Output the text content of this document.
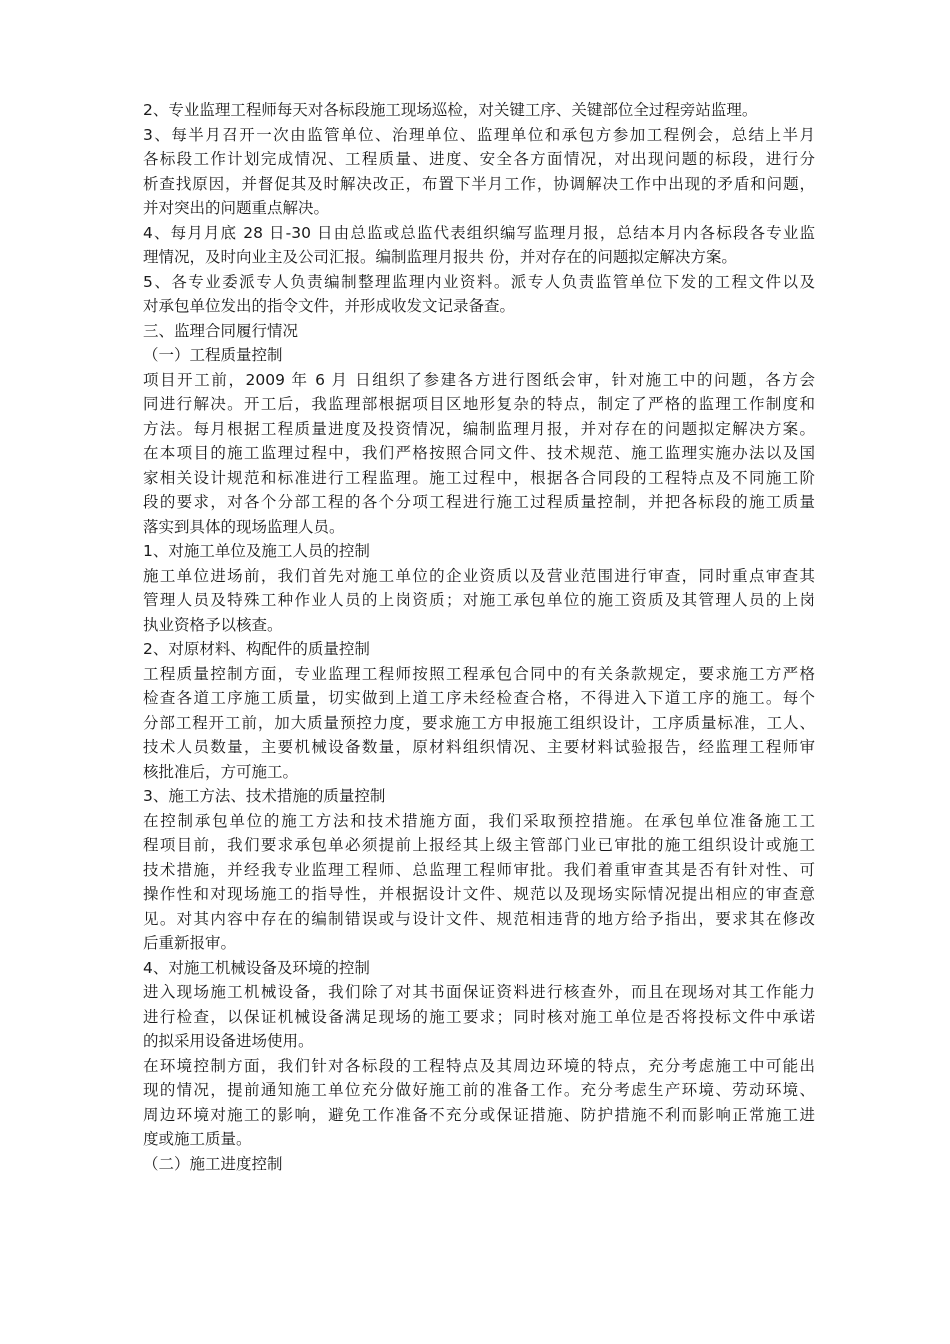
2、专业监理工程师每天对各标段施工现场巡检，对关键工序、关键部位全过程旁站监理。
3、每半月召开一次由监管单位、治理单位、监理单位和承包方参加工程例会，总结上半月
各标段工作计划完成情况、工程质量、进度、安全各方面情况，对出现问题的标段，进行分
析查找原因，并督促其及时解决改正，布置下半月工作，协调解决工作中出现的矛盾和问题，
并对突出的问题重点解决。
4、每月月底 28 日-30 日由总监或总监代表组织编写监理月报，总结本月内各标段各专业监
理情况，及时向业主及公司汇报。编制监理月报共 份，并对存在的问题拟定解决方案。
5、各专业委派专人负责编制整理监理内业资料。派专人负责监管单位下发的工程文件以及
对承包单位发出的指令文件，并形成收发文记录备查。
三、监理合同履行情况
（一）工程质量控制
项目开工前，2009 年 6 月 日组织了参建各方进行图纸会审，针对施工中的问题，各方会
同进行解决。开工后，我监理部根据项目区地形复杂的特点，制定了严格的监理工作制度和
方法。每月根据工程质量进度及投资情况，编制监理月报，并对存在的问题拟定解决方案。
在本项目的施工监理过程中，我们严格按照合同文件、技术规范、施工监理实施办法以及国
家相关设计规范和标准进行工程监理。施工过程中，根据各合同段的工程特点及不同施工阶
段的要求，对各个分部工程的各个分项工程进行施工过程质量控制，并把各标段的施工质量
落实到具体的现场监理人员。
1、对施工单位及施工人员的控制
施工单位进场前，我们首先对施工单位的企业资质以及营业范围进行审查，同时重点审查其
管理人员及特殊工种作业人员的上岗资质；对施工承包单位的施工资质及其管理人员的上岗
执业资格予以核查。
2、对原材料、构配件的质量控制
工程质量控制方面，专业监理工程师按照工程承包合同中的有关条款规定，要求施工方严格
检查各道工序施工质量，切实做到上道工序未经检查合格，不得进入下道工序的施工。每个
分部工程开工前，加大质量预控力度，要求施工方申报施工组织设计，工序质量标准，工人、
技术人员数量，主要机械设备数量，原材料组织情况、主要材料试验报告，经监理工程师审
核批准后，方可施工。
3、施工方法、技术措施的质量控制
在控制承包单位的施工方法和技术措施方面，我们采取预控措施。在承包单位准备施工工
程项目前，我们要求承包单必须提前上报经其上级主管部门业已审批的施工组织设计或施工
技术措施，并经我专业监理工程师、总监理工程师审批。我们着重审查其是否有针对性、可
操作性和对现场施工的指导性，并根据设计文件、规范以及现场实际情况提出相应的审查意
见。对其内容中存在的编制错误或与设计文件、规范相违背的地方给予指出，要求其在修改
后重新报审。
4、对施工机械设备及环境的控制
进入现场施工机械设备，我们除了对其书面保证资料进行核查外，而且在现场对其工作能力
进行检查，以保证机械设备满足现场的施工要求；同时核对施工单位是否将投标文件中承诺
的拟采用设备进场使用。
在环境控制方面，我们针对各标段的工程特点及其周边环境的特点，充分考虑施工中可能出
现的情况，提前通知施工单位充分做好施工前的准备工作。充分考虑生产环境、劳动环境、
周边环境对施工的影响，避免工作准备不充分或保证措施、防护措施不利而影响正常施工进
度或施工质量。
（二）施工进度控制
